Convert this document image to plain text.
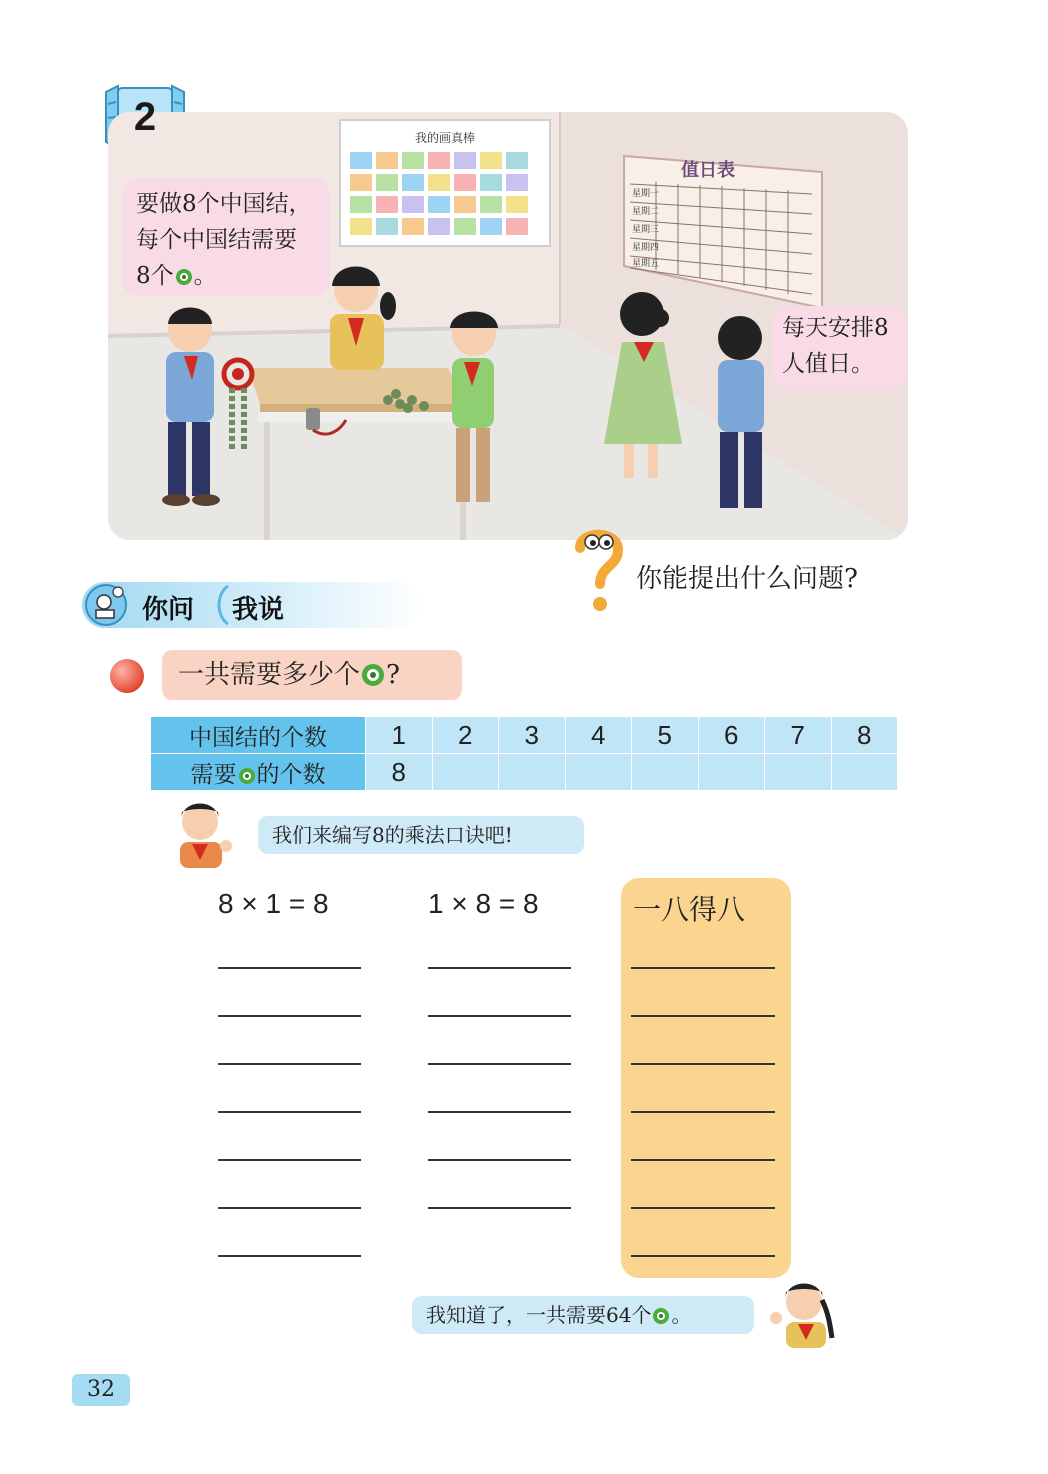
我的画真棒
值日表
星期一
星期二
星期三
星期四
星期五
2
要做8个中国结，
每个中国结需要
8个 。
每天安排8
人值日。
你能提出什么问题?
你问 我说
一共需要多少个 ?
中国结的个数	1	2	3	4	5	6	7	8
需要 的个数	8							
我们来编写8的乘法口诀吧!
8 × 1 = 8	1 × 8 = 8	一八得八
我知道了，一共需要64个 。
32
